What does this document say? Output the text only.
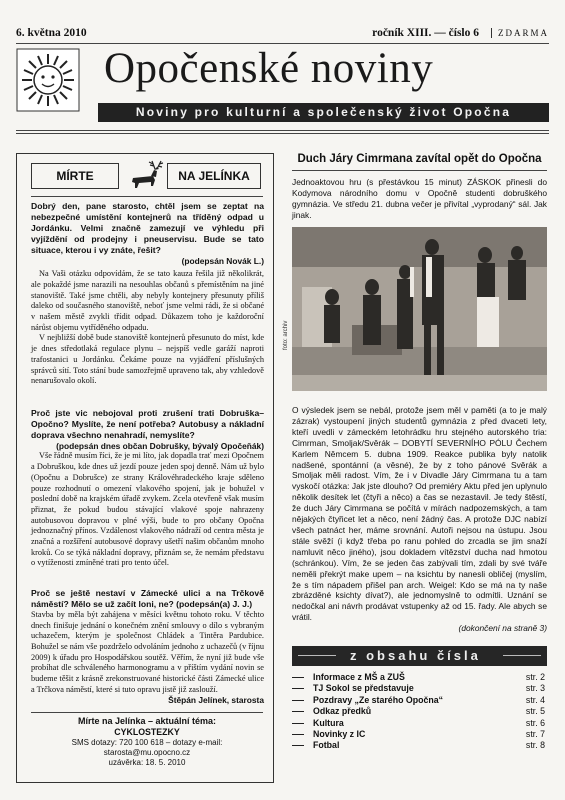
6. května 2010	ročník XIII. — číslo 6	ZDARMA
Opočenské noviny
Noviny pro kulturní a společenský život Opočna
MÍRTE	NA JELÍNKA

Dobrý den, pane starosto, chtěl jsem se zeptat na nebezpečné umístění kontejnerů na tříděný odpad u Jordánku. Velmi značně zamezují ve výhledu při vyjíždění od prodejny i pneuservisu. Bude se tato situace, kterou i vy znáte, řešit?

(podepsán Novák L.)

Na Vaši otázku odpovídám, že se tato kauza řešila již několikrát, ale pokaždé jsme narazili na nesouhlas občanů s přemístěním na jiné stanoviště. Také jsme chtěli, aby nebyly kontejnery přesunuty příliš daleko od současného stanoviště, neboť jsme velmi rádi, že si občané v našem městě zvykli třídit odpad. Důkazem toho je každoroční nárůst objemu vytříděného odpadu.

V nejbližší době bude stanoviště kontejnerů přesunuto do míst, kde je dnes středotlaká regulace plynu – nejspíš vedle garáží naproti trafostanici u Jordánku. Čekáme pouze na vyjádření příslušných správců sítí. Toto stání bude samozřejmě upraveno tak, aby vzhledově nenarušovalo okolí.

Proč jste vic nebojoval proti zrušení trati Dobruška–Opočno? Myslíte, že není potřeba? Autobusy a nákladní doprava všechno nenahradí, nemyslíte?

(podepsán dnes občan Dobrušky, bývalý Opočeňák)

Vše řádně musím říci, že je mi líto, jak dopadla trať mezi Opočnem a Dobruškou, kde dnes už jezdí pouze jeden spoj denně. Nám už bylo (Opočnu a Dobrušce) ze strany Královéhradeckého kraje sděleno pouze rozhodnutí o omezení vlakového spojení, jak je bohužel v poslední době na krajském úřadě zvykem. Zcela otevřeně však musím přiznat, že pokud budou stávající vlakové spoje nahrazeny autobusovou dopravou v plné výši, bude to pro občany Opočna jednoznačný přínos. Vzdálenost vlakového nádraží od centra města je značná a rozšíření autobusové dopravy ušetří našim občanům mnoho kroků. Co se týká nákladní dopravy, přiznám se, že nemám představu o vytíženosti zmíněné trati pro tento účel.

Proč se ještě nestaví v Zámecké ulici a na Trčkově náměstí? Mělo se už začít loni, ne? (podepsán(a) J. J.)

Stavba by měla být zahájena v měsíci květnu tohoto roku. V těchto dnech finišuje jednání o konečném znění smlouvy o dílo s vybraným uchazečem, kterým je společnost Chládek a Tintěra Pardubice. Bohužel se nám vše pozdrželo odvoláním jednoho z uchazečů (v říjnu 2009) k úřadu pro Hospodářskou soutěž. Věřím, že nyní již bude vše probíhat dle schváleného harmonogramu a v příštím vydání novin se budeme těšit z krásně zrekonstruované historické části Zámecké ulice a Trčkova náměstí, které si tuto opravu jistě již zaslouží.

Štěpán Jelínek, starosta

Mírte na Jelínka – aktuální téma:
CYKLOSTEZKY
SMS dotazy: 720 100 618 – dotazy e-mail: starosta@mu.opocno.cz
uzávěrka: 18. 5. 2010
Duch Járy Cimrmana zavítal opět do Opočna
Jednoaktovou hru (s přestávkou 15 minut) ZÁSKOK přinesli do Kodymova národního domu v Opočně studenti dobruškého gymnázia. Ve středu 21. dubna večer je přivítal „vyprodaný“ sál. Jak jinak.
foto: archiv

O výsledek jsem se nebál, protože jsem měl v paměti (a to je malý zázrak) vystoupení jiných studentů gymnázia z před dvaceti lety, kteří uvedli v zámeckém letohrádku hru stejného autorského tria: Cimrman, Smoljak/Svěrák – DOBYTÍ SEVERNÍHO PÓLU Čechem Karlem Němcem 5. dubna 1909. Reakce publika byly natolik nadšené, spontánní (a věsné), že by z toho pánové Svěrák a Smoljak měli radost. Vím, že i v Divadle Járy Cimrmana tu a tam vyskočí otázka: Jak jste dlouho? Od premiéry Aktu před jen uplynulo několik desítek let (čtyři a něco) a čas se nezastavil. Je tedy štěstí, že duch Járy Cimrmana se počítá v mírách nadpozemských, a tam nějakých čtyřicet let a něco, není žádný čas. A protože DJC nabízí všech patnáct her, máme srovnání. Autoři nejsou na ústupu. Jsou stále svěží (i když třeba po ranu pohled do zrcadla se jim snaží namluvit něco jiného), jsou dokladem vítězství ducha nad hmotou (schránkou). Vím, že se jeden čas zabývali tím, zdali by své tváře neměli překrýt make upem – na ksichtu by nanesli obličej (myslím, že s tím nápadem přišel pan arch. Weigel: Kdo se má na ty naše zbrázděné ksichty dívat?), ale jednomyslně to odmítli. Uznání se nedočkal ani návrh prodávat vstupenky až od 15. řady. Ale abych se vrátil.

(dokončení na straně 3)

z obsahu čísla
Informace z MŠ a ZUŠ	str. 2
TJ Sokol se představuje	str. 3
Pozdravy „Ze starého Opočna“	str. 4
Odkaz předků	str. 5
Kultura	str. 6
Novinky z IC	str. 7
Fotbal	str. 8
